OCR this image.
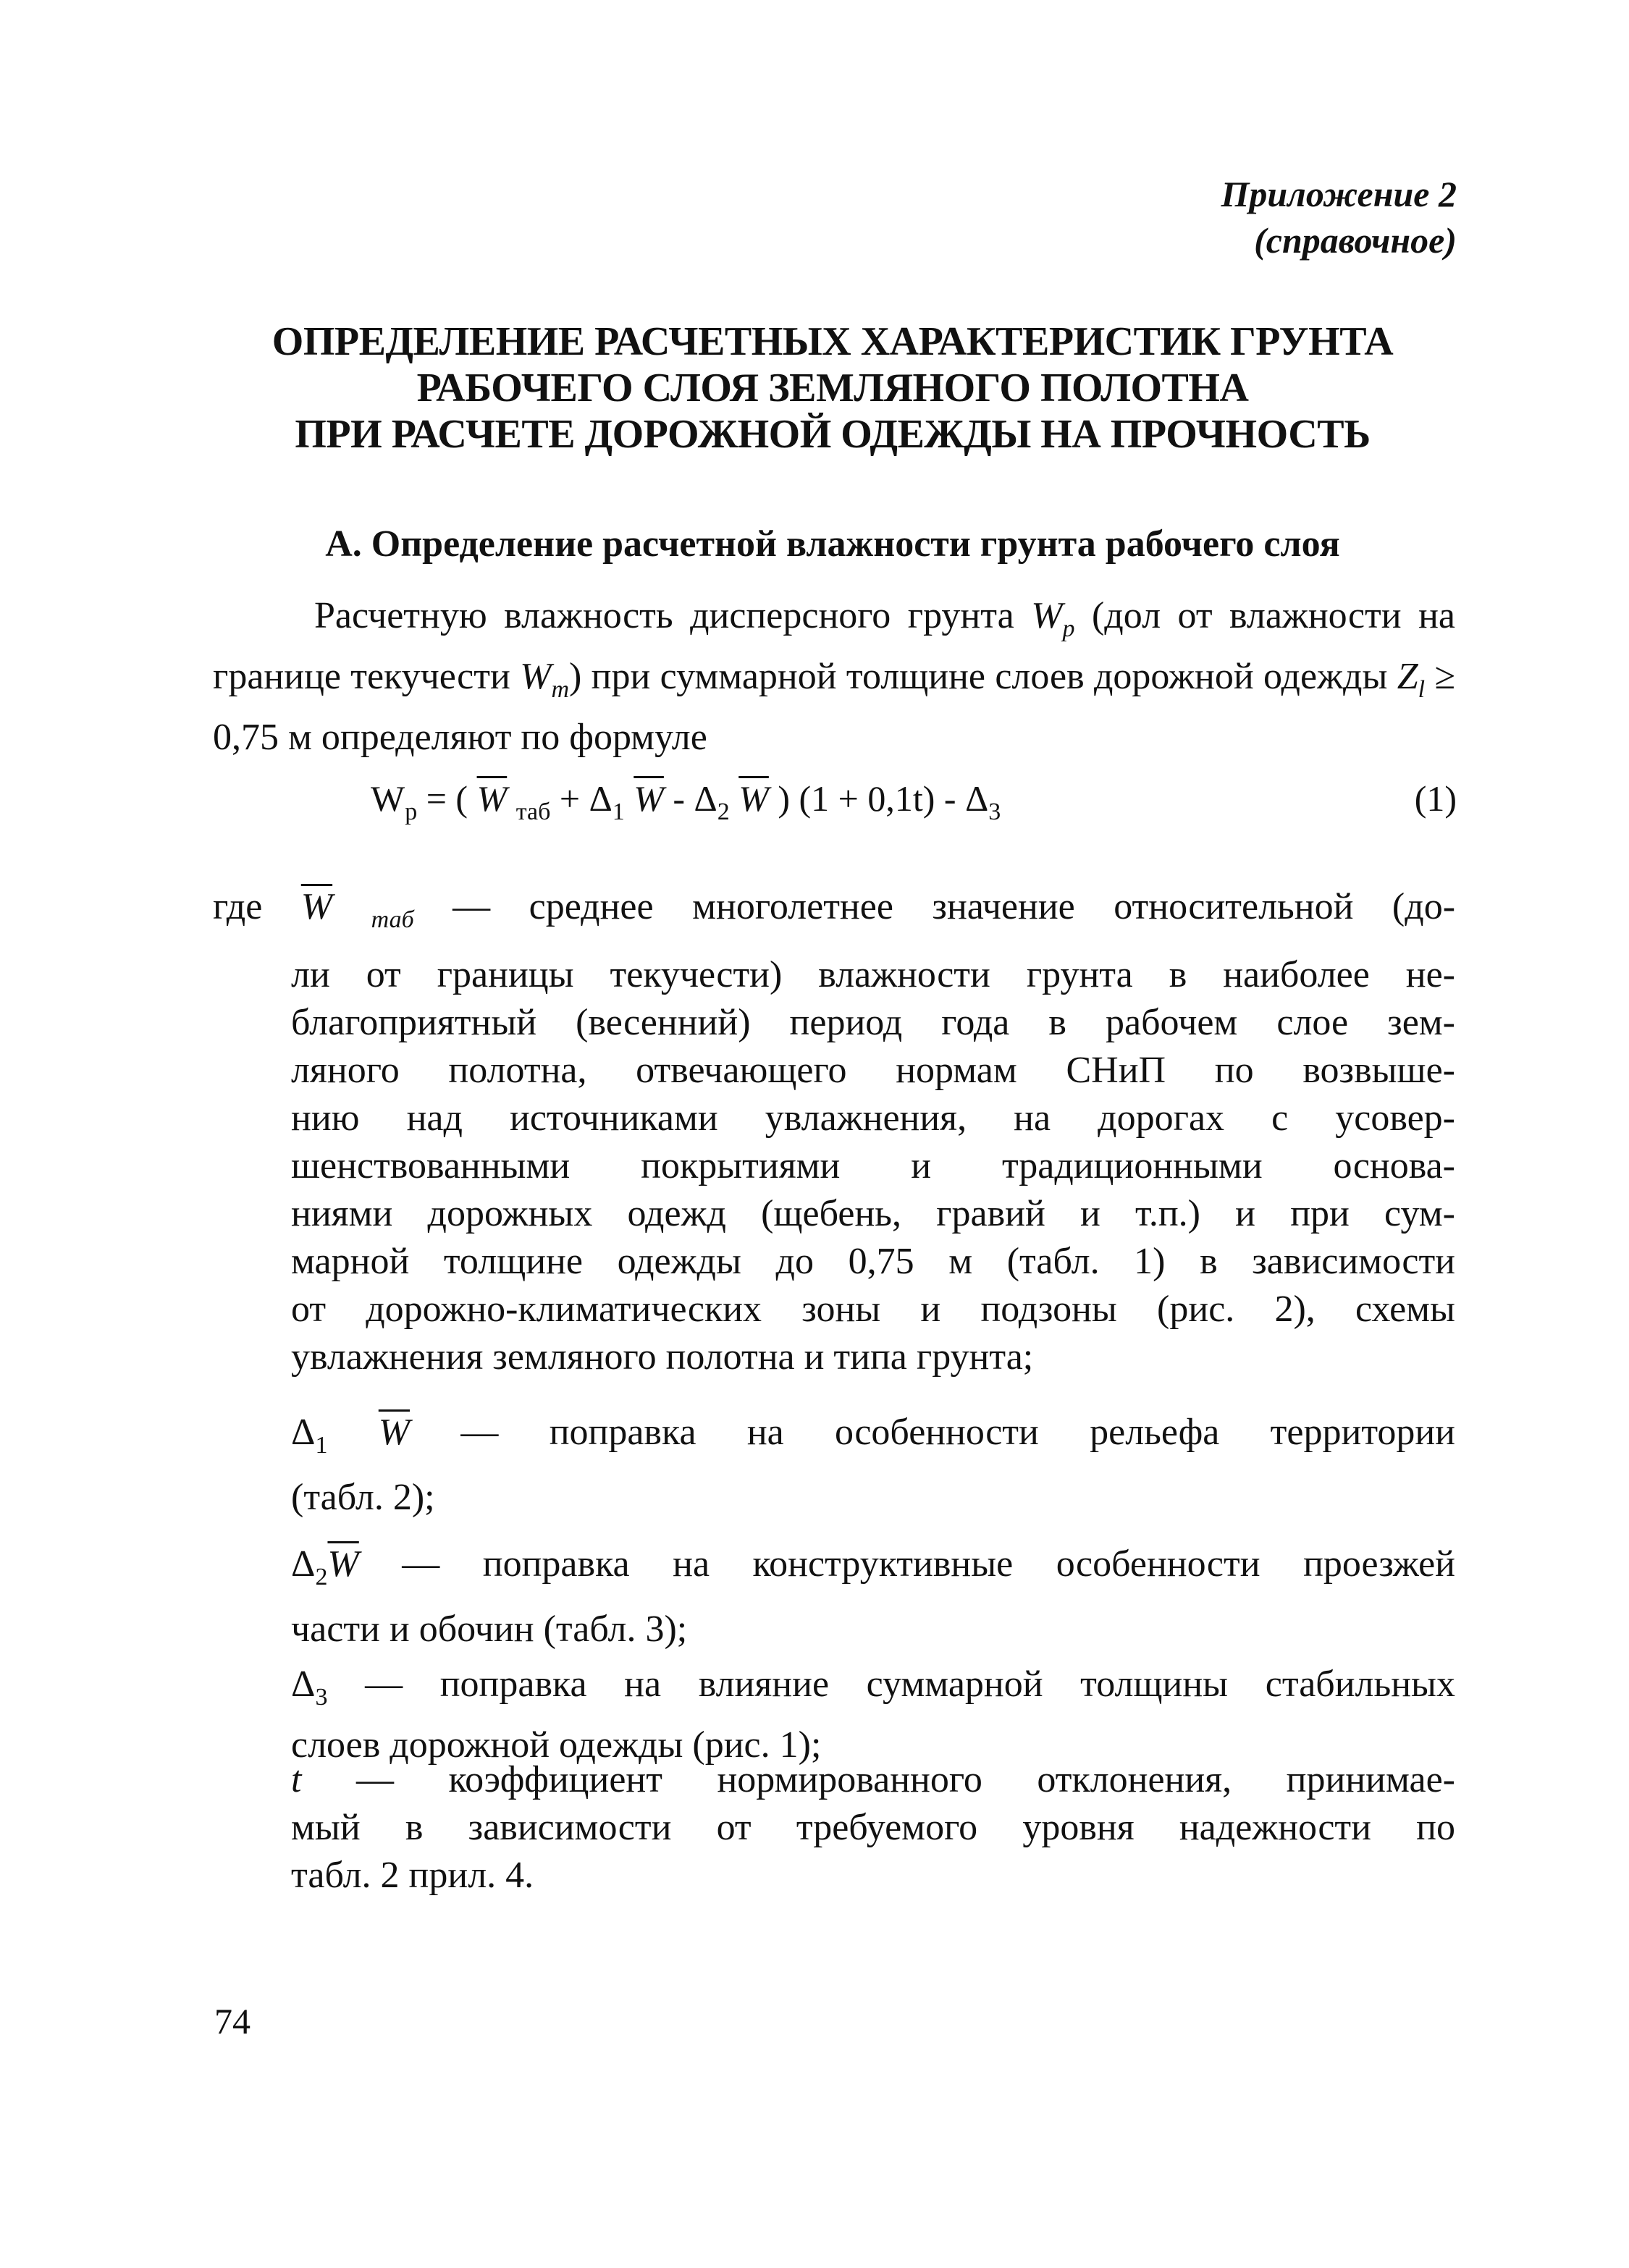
Приложение 2
(справочное)
ОПРЕДЕЛЕНИЕ РАСЧЕТНЫХ ХАРАКТЕРИСТИК ГРУНТА
РАБОЧЕГО СЛОЯ ЗЕМЛЯНОГО ПОЛОТНА
ПРИ РАСЧЕТЕ ДОРОЖНОЙ ОДЕЖДЫ НА ПРОЧНОСТЬ
А. Определение расчетной влажности грунта рабочего слоя
Расчетную влажность дисперсного грунта $W_p$ (дол от влажности на границе текучести $W_m$) при суммарной толщине слоев дорожной одежды $Z_l \ge 0,75$ м определяют по формуле
$W_p$ = ( $\overline{W}$ $_{таб} + \Delta_1$ $\overline{W} - \Delta_2$ $\overline{W}$ ) $(1 + 0,1t) - \Delta_3$	(1)
где $\overline{W}$ $_{таб}$ — среднее многолетнее значение относительной (до-
ли от границы текучести) влажности грунта в наиболее не-
благоприятный (весенний) период года в рабочем слое зем-
ляного полотна, отвечающего нормам СНиП по возвыше-
нию над источниками увлажнения, на дорогах с усовер-
шенствованными покрытиями и традиционными основа-
ниями дорожных одежд (щебень, гравий и т.п.) и при сум-
марной толщине одежды до 0,75 м (табл. 1) в зависимости
от дорожно-климатических зоны и подзоны (рис. 2), схемы
увлажнения земляного полотна и типа грунта;
$\Delta_1$ $\overline{W}$ — поправка на особенности рельефа территории
(табл. 2);
$\Delta_2\overline{W}$ — поправка на конструктивные особенности проезжей
части и обочин (табл. 3);
$\Delta_3$ — поправка на влияние суммарной толщины стабильных
слоев дорожной одежды (рис. 1);
t — коэффициент нормированного отклонения, принимае-
мый в зависимости от требуемого уровня надежности по
табл. 2 прил. 4.
74
